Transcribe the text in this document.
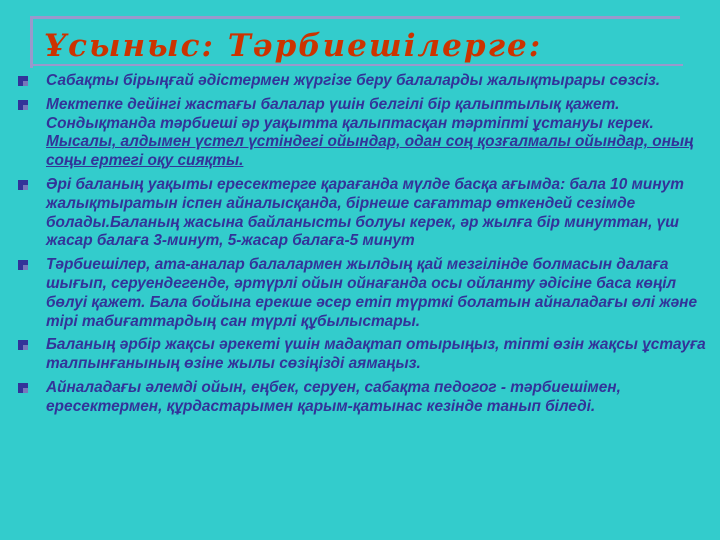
Ұсыныс: Тәрбиешілерге:
Сабақты бірыңғай әдістермен жүргізе беру балаларды жалықтырары сөзсіз.
Мектепке дейінгі жастағы балалар үшін белгілі бір қалыптылық қажет. Сондықтанда тәрбиеші әр уақытта қалыптасқан тәртіпті ұстануы керек. Мысалы, алдымен үстел үстіндегі ойындар, одан соң қозғалмалы ойындар, оның соңы ертегі оқу сияқты.
Әрі баланың уақыты ересектерге қарағанда мүлде басқа ағымда: бала 10 минут жалықтыратын іспен айналысқанда, бірнеше сағаттар өткендей сезімде болады.Баланың жасына байланысты болуы керек, әр жылға бір минуттан, үш жасар балаға 3-минут, 5-жасар балаға-5 минут
Тәрбиешілер, ата-аналар балалармен жылдың қай мезгілінде болмасын далаға шығып, серуендегенде, әртүрлі ойын ойнағанда осы ойланту әдісіне баса көңіл бөлуі қажет. Бала бойына ерекше әсер етіп түрткі болатын айналадағы өлі және тірі табиғаттардың сан түрлі құбылыстары.
Баланың әрбір жақсы әрекеті үшін мадақтап отырыңыз, тіпті өзін жақсы ұстауға талпынғанының өзіне жылы сөзіңізді аямаңыз.
Айналадағы әлемді ойын, еңбек, серуен, сабақта педогог - тәрбиешімен, ересектермен, құрдастарымен қарым-қатынас кезінде танып біледі.
